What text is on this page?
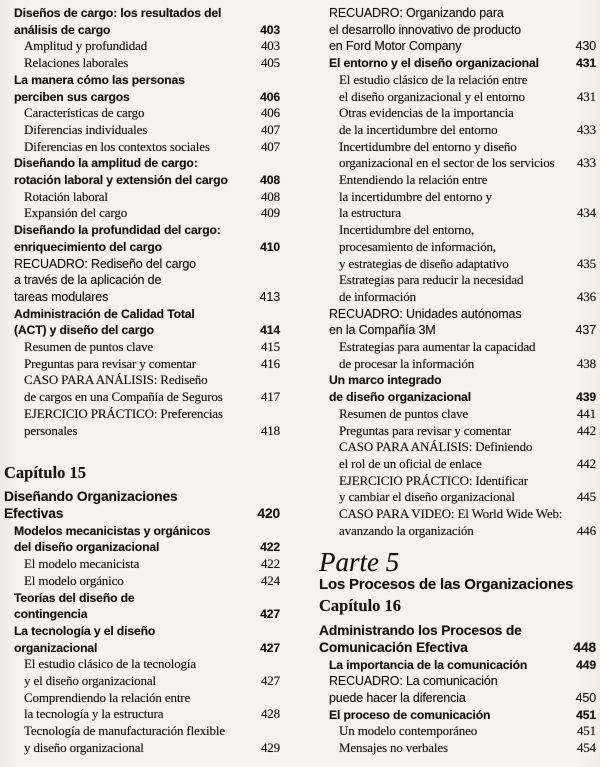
Diseños de cargo: los resultados del
análisis de cargo	403
Amplitud y profundidad	403
Relaciones laborales	405
La manera cómo las personas
perciben sus cargos	406
Características de cargo	406
Diferencias individuales	407
Diferencias en los contextos sociales	407
Diseñando la amplitud de cargo:
rotación laboral y extensión del cargo	408
Rotación laboral	408
Expansión del cargo	409
Diseñando la profundidad del cargo:
enriquecimiento del cargo	410
RECUADRO: Rediseño del cargo
a través de la aplicación de
tareas modulares	413
Administración de Calidad Total
(ACT) y diseño del cargo	414
Resumen de puntos clave	415
Preguntas para revisar y comentar	416
CASO PARA ANÁLISIS: Rediseño
de cargos en una Compañía de Seguros	417
EJERCICIO PRÁCTICO: Preferencias
personales	418
Capítulo 15
Diseñando Organizaciones
Efectivas	420
Modelos mecanicistas y orgánicos
del diseño organizacional	422
El modelo mecanicista	422
El modelo orgánico	424
Teorías del diseño de
contingencia	427
La tecnología y el diseño
organizacional	427
El estudio clásico de la tecnología
y el diseño organizacional	427
Comprendiendo la relación entre
la tecnología y la estructura	428
Tecnología de manufacturación flexible
y diseño organizacional	429
RECUADRO: Organizando para
el desarrollo innovativo de producto
en Ford Motor Company	430
El entorno y el diseño organizacional	431
El estudio clásico de la relación entre
el diseño organizacional y el entorno	431
Otras evidencias de la importancia
de la incertidumbre del entorno	433
Incertidumbre del entorno y diseño
organizacional en el sector de los servicios	433
Entendiendo la relación entre
la incertidumbre del entorno y
la estructura	434
Incertidumbre del entorno,
procesamiento de información,
y estrategias de diseño adaptativo	435
Estrategias para reducir la necesidad
de información	436
RECUADRO: Unidades autónomas
en la Compañía 3M	437
Estrategias para aumentar la capacidad
de procesar la información	438
Un marco integrado
de diseño organizacional	439
Resumen de puntos clave	441
Preguntas para revisar y comentar	442
CASO PARA ANÁLISIS: Definiendo
el rol de un oficial de enlace	442
EJERCICIO PRÁCTICO: Identificar
y cambiar el diseño organizacional	445
CASO PARA VIDEO: El World Wide Web:
avanzando la organización	446
Parte 5
Los Procesos de las Organizaciones
Capítulo 16
Administrando los Procesos de
Comunicación Efectiva	448
La importancia de la comunicación	449
RECUADRO: La comunicación
puede hacer la diferencia	450
El proceso de comunicación	451
Un modelo contemporáneo	451
Mensajes no verbales	454
